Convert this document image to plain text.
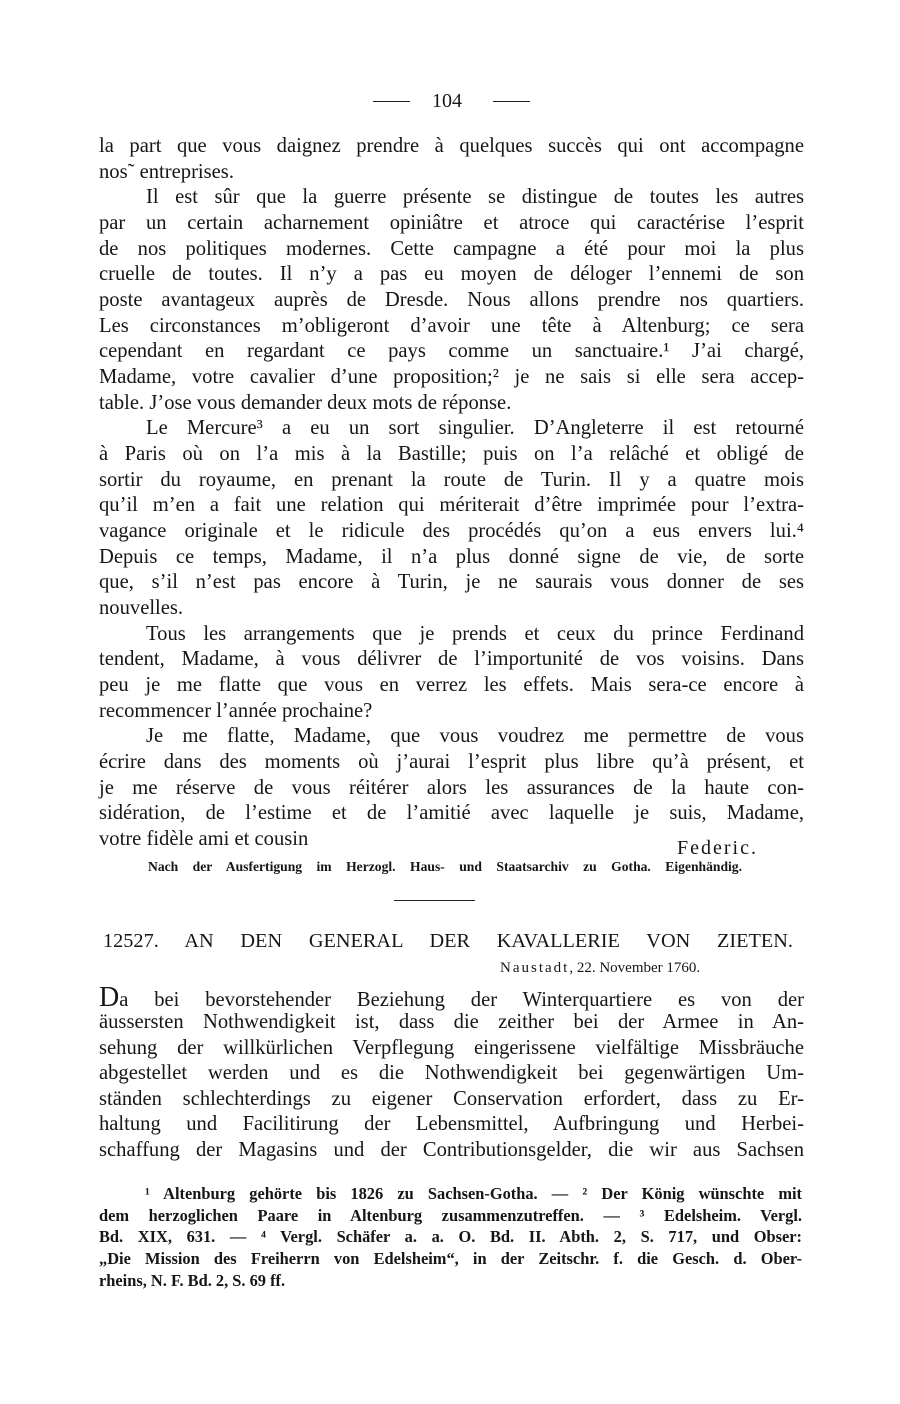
104
la part que vous daignez prendre à quelques succès qui ont accompagne
nos˜ entreprises.
Il est sûr que la guerre présente se distingue de toutes les autres
par un certain acharnement opiniâtre et atroce qui caractérise l’esprit
de nos politiques modernes. Cette campagne a été pour moi la plus
cruelle de toutes. Il n’y a pas eu moyen de déloger l’ennemi de son
poste avantageux auprès de Dresde. Nous allons prendre nos quartiers.
Les circonstances m’obligeront d’avoir une tête à Altenburg; ce sera
cependant en regardant ce pays comme un sanctuaire.¹ J’ai chargé,
Madame, votre cavalier d’une proposition;² je ne sais si elle sera accep-
table. J’ose vous demander deux mots de réponse.
Le Mercure³ a eu un sort singulier. D’Angleterre il est retourné
à Paris où on l’a mis à la Bastille; puis on l’a relâché et obligé de
sortir du royaume, en prenant la route de Turin. Il y a quatre mois
qu’il m’en a fait une relation qui mériterait d’être imprimée pour l’extra-
vagance originale et le ridicule des procédés qu’on a eus envers lui.⁴
Depuis ce temps, Madame, il n’a plus donné signe de vie, de sorte
que, s’il n’est pas encore à Turin, je ne saurais vous donner de ses
nouvelles.
Tous les arrangements que je prends et ceux du prince Ferdinand
tendent, Madame, à vous délivrer de l’importunité de vos voisins. Dans
peu je me flatte que vous en verrez les effets. Mais sera-ce encore à
recommencer l’année prochaine?
Je me flatte, Madame, que vous voudrez me permettre de vous
écrire dans des moments où j’aurai l’esprit plus libre qu’à présent, et
je me réserve de vous réitérer alors les assurances de la haute con-
sidération, de l’estime et de l’amitié avec laquelle je suis, Madame,
votre fidèle ami et cousin	Federic.
Nach der Ausfertigung im Herzogl. Haus- und Staatsarchiv zu Gotha. Eigenhändig.
12527. AN DEN GENERAL DER KAVALLERIE VON ZIETEN.
Naustadt, 22. November 1760.
Da bei bevorstehender Beziehung der Winterquartiere es von der
äussersten Nothwendigkeit ist, dass die zeither bei der Armee in An-
sehung der willkürlichen Verpflegung eingerissene vielfältige Missbräuche
abgestellet werden und es die Nothwendigkeit bei gegenwärtigen Um-
ständen schlechterdings zu eigener Conservation erfordert, dass zu Er-
haltung und Facilitirung der Lebensmittel, Aufbringung und Herbei-
schaffung der Magasins und der Contributionsgelder, die wir aus Sachsen
¹ Altenburg gehörte bis 1826 zu Sachsen-Gotha. — ² Der König wünschte mit
dem herzoglichen Paare in Altenburg zusammenzutreffen. — ³ Edelsheim. Vergl.
Bd. XIX, 631. — ⁴ Vergl. Schäfer a. a. O. Bd. II. Abth. 2, S. 717, und Obser:
„Die Mission des Freiherrn von Edelsheim“, in der Zeitschr. f. die Gesch. d. Ober-
rheins, N. F. Bd. 2, S. 69 ff.
